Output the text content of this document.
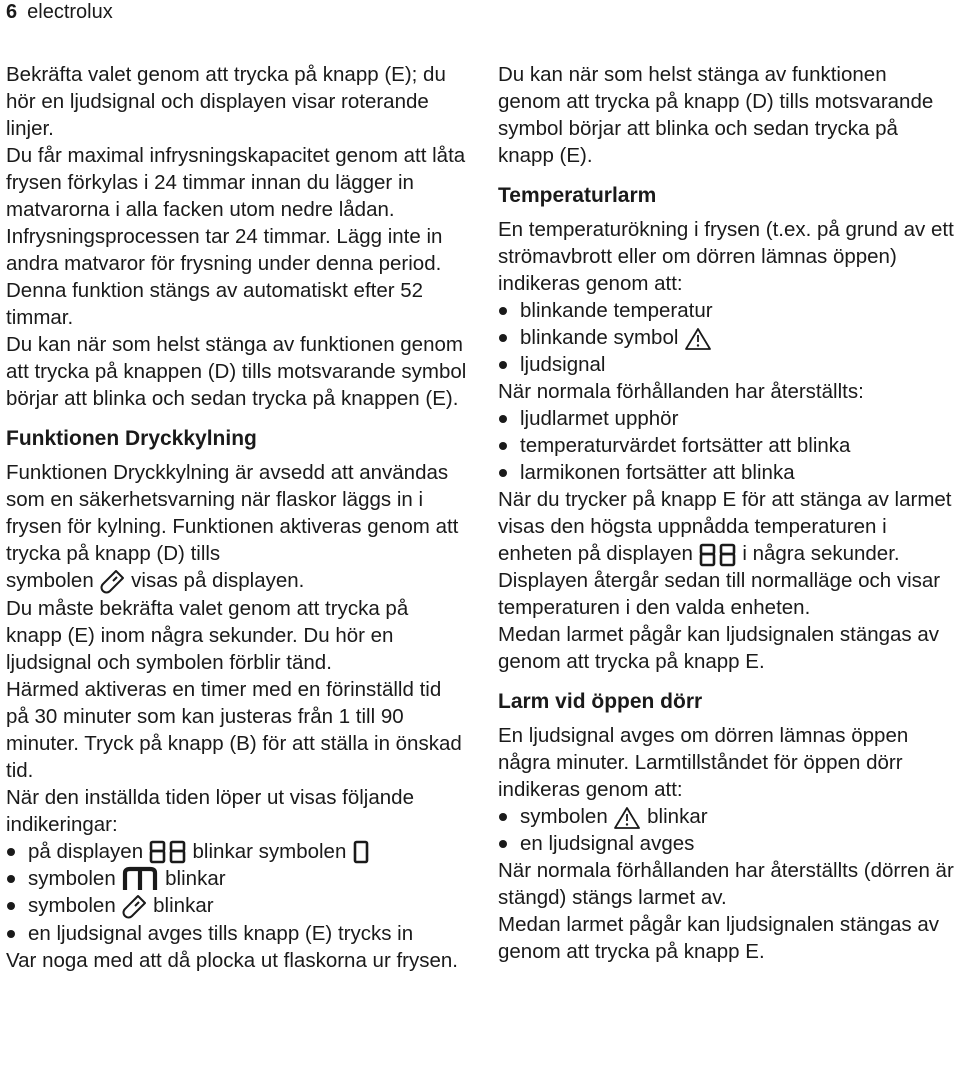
6 electrolux

Bekräfta valet genom att trycka på knapp (E); du hör en ljudsignal och displayen visar roterande linjer.

Du får maximal infrysningskapacitet genom att låta frysen förkylas i 24 timmar innan du lägger in matvarorna i alla facken utom nedre lådan.

Infrysningsprocessen tar 24 timmar. Lägg inte in andra matvaror för frysning under denna period.

Denna funktion stängs av automatiskt efter 52 timmar.

Du kan när som helst stänga av funktionen genom att trycka på knappen (D) tills motsvarande symbol börjar att blinka och sedan trycka på knappen (E).

Funktionen Dryckkylning

Funktionen Dryckkylning är avsedd att användas som en säkerhetsvarning när flaskor läggs in i frysen för kylning. Funktionen aktiveras genom att trycka på knapp (D) tills

symbolen visas på displayen.

Du måste bekräfta valet genom att trycka på knapp (E) inom några sekunder. Du hör en ljudsignal och symbolen förblir tänd.

Härmed aktiveras en timer med en förinställd tid på 30 minuter som kan justeras från 1 till 90 minuter. Tryck på knapp (B) för att ställa in önskad tid.

När den inställda tiden löper ut visas följande indikeringar:

på displayen blinkar symbolen
symbolen blinkar
symbolen blinkar
en ljudsignal avges tills knapp (E) trycks in

Var noga med att då plocka ut flaskorna ur frysen.

Du kan när som helst stänga av funktionen genom att trycka på knapp (D) tills motsvarande symbol börjar att blinka och sedan trycka på knapp (E).

Temperaturlarm

En temperaturökning i frysen (t.ex. på grund av ett strömavbrott eller om dörren lämnas öppen) indikeras genom att:

blinkande temperatur
blinkande symbol
ljudsignal

När normala förhållanden har återställts:

ljudlarmet upphör
temperaturvärdet fortsätter att blinka
larmikonen fortsätter att blinka

När du trycker på knapp E för att stänga av larmet visas den högsta uppnådda temperaturen i enheten på displayen i några sekunder.

Displayen återgår sedan till normalläge och visar temperaturen i den valda enheten.

Medan larmet pågår kan ljudsignalen stängas av genom att trycka på knapp E.

Larm vid öppen dörr

En ljudsignal avges om dörren lämnas öppen några minuter. Larmtillståndet för öppen dörr indikeras genom att:

symbolen blinkar
en ljudsignal avges

När normala förhållanden har återställts (dörren är stängd) stängs larmet av.

Medan larmet pågår kan ljudsignalen stängas av genom att trycka på knapp E.
